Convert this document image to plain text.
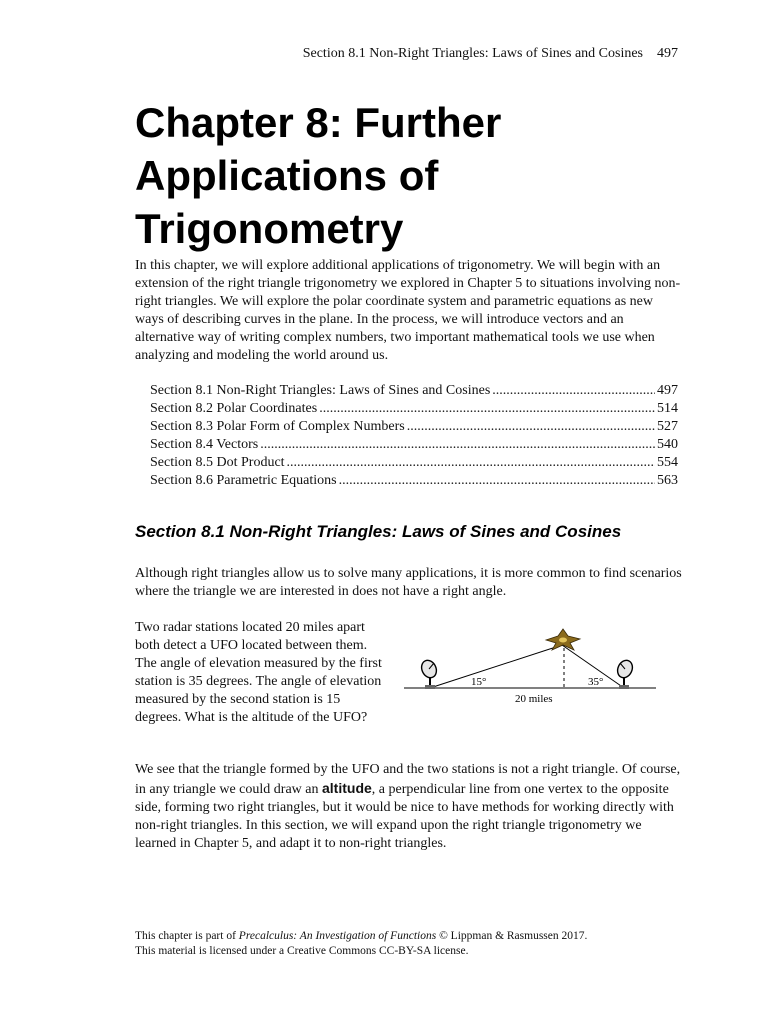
Section 8.1 Non-Right Triangles: Laws of Sines and Cosines 497
Chapter 8: Further Applications of Trigonometry

In this chapter, we will explore additional applications of trigonometry. We will begin with an extension of the right triangle trigonometry we explored in Chapter 5 to situations involving non-right triangles. We will explore the polar coordinate system and parametric equations as new ways of describing curves in the plane. In the process, we will introduce vectors and an alternative way of writing complex numbers, two important mathematical tools we use when analyzing and modeling the world around us.

Section 8.1 Non-Right Triangles: Laws of Sines and Cosines .....	497
Section 8.2 Polar Coordinates .....	514
Section 8.3 Polar Form of Complex Numbers .....	527
Section 8.4 Vectors .....	540
Section 8.5 Dot Product .....	554
Section 8.6 Parametric Equations .....	563
Section 8.1 Non-Right Triangles: Laws of Sines and Cosines

Although right triangles allow us to solve many applications, it is more common to find scenarios where the triangle we are interested in does not have a right angle.

Two radar stations located 20 miles apart both detect a UFO located between them. The angle of elevation measured by the first station is 35 degrees. The angle of elevation measured by the second station is 15 degrees. What is the altitude of the UFO?

15°	35°
20 miles

We see that the triangle formed by the UFO and the two stations is not a right triangle. Of course, in any triangle we could draw an altitude, a perpendicular line from one vertex to the opposite side, forming two right triangles, but it would be nice to have methods for working directly with non-right triangles. In this section, we will expand upon the right triangle trigonometry we learned in Chapter 5, and adapt it to non-right triangles.

This chapter is part of Precalculus: An Investigation of Functions © Lippman & Rasmussen 2017.
This material is licensed under a Creative Commons CC-BY-SA license.
